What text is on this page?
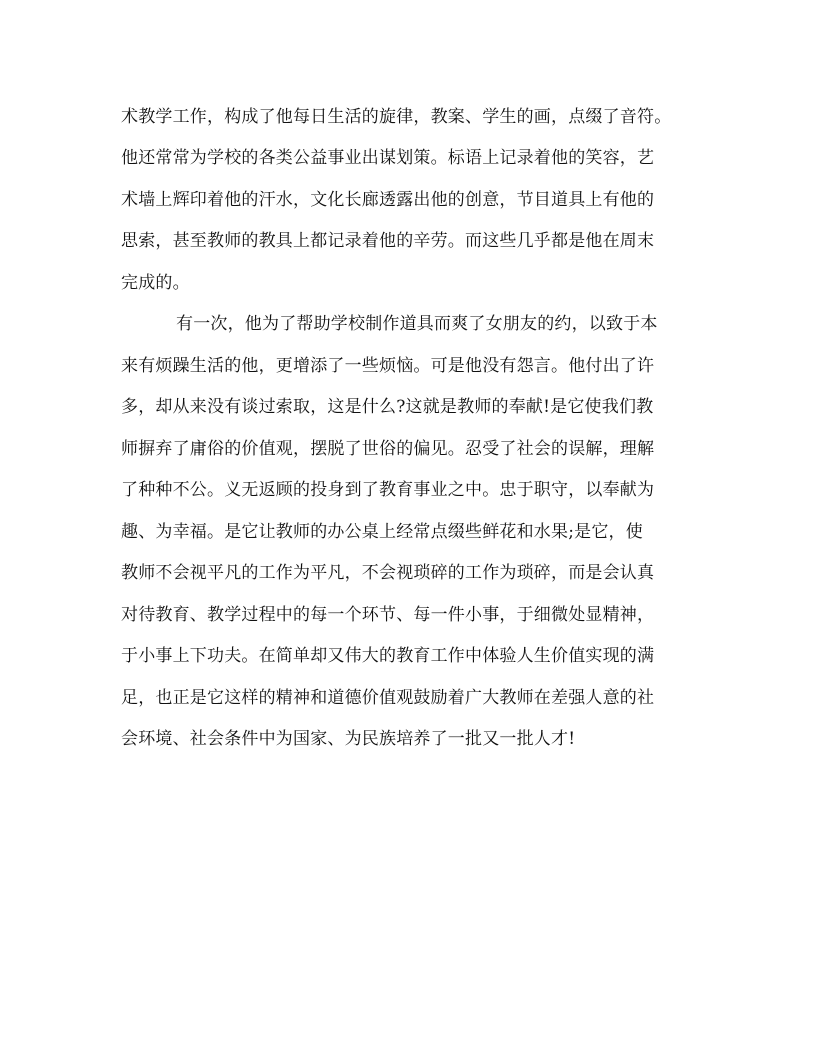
术教学工作，构成了他每日生活的旋律，教案、学生的画，点缀了音符。
他还常常为学校的各类公益事业出谋划策。标语上记录着他的笑容，艺
术墙上辉印着他的汗水，文化长廊透露出他的创意，节目道具上有他的
思索，甚至教师的教具上都记录着他的辛劳。而这些几乎都是他在周末
完成的。
有一次，他为了帮助学校制作道具而爽了女朋友的约，以致于本
来有烦躁生活的他，更增添了一些烦恼。可是他没有怨言。他付出了许
多，却从来没有谈过索取，这是什么?这就是教师的奉献!是它使我们教
师摒弃了庸俗的价值观，摆脱了世俗的偏见。忍受了社会的误解，理解
了种种不公。义无返顾的投身到了教育事业之中。忠于职守，以奉献为
趣、为幸福。是它让教师的办公桌上经常点缀些鲜花和水果;是它，使
教师不会视平凡的工作为平凡，不会视琐碎的工作为琐碎，而是会认真
对待教育、教学过程中的每一个环节、每一件小事，于细微处显精神，
于小事上下功夫。在简单却又伟大的教育工作中体验人生价值实现的满
足，也正是它这样的精神和道德价值观鼓励着广大教师在差强人意的社
会环境、社会条件中为国家、为民族培养了一批又一批人才!
